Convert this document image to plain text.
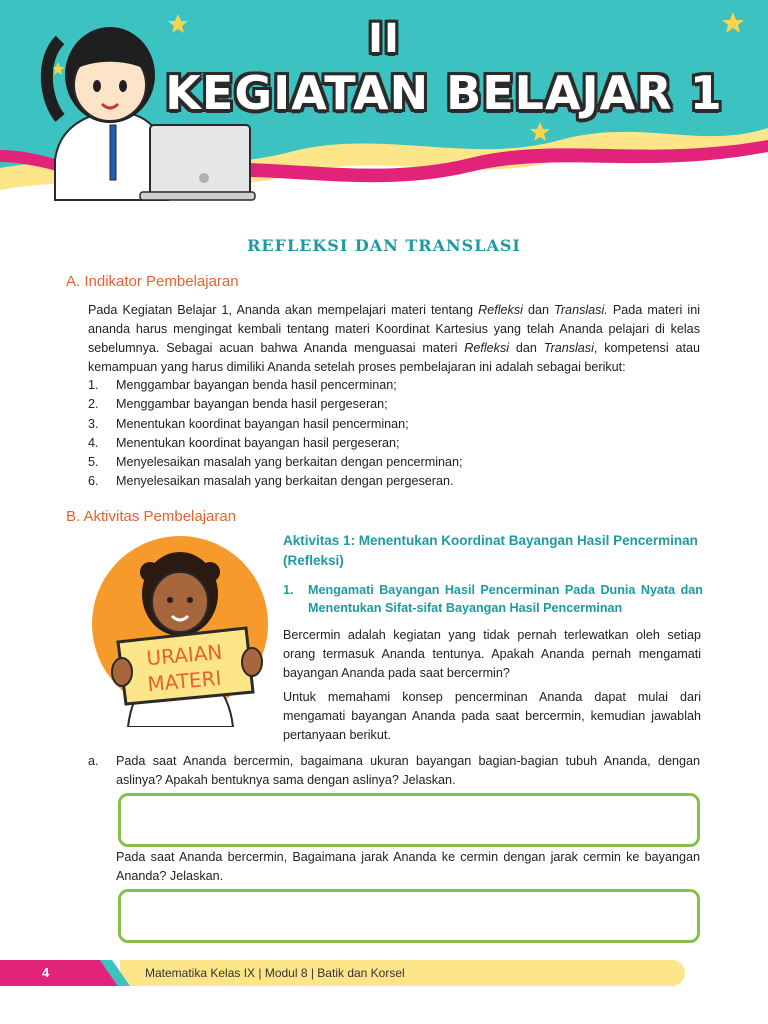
II
KEGIATAN BELAJAR 1
REFLEKSI DAN TRANSLASI
A. Indikator Pembelajaran
Pada Kegiatan Belajar 1, Ananda akan mempelajari materi tentang Refleksi dan Translasi. Pada materi ini ananda harus mengingat kembali tentang materi Koordinat Kartesius yang telah Ananda pelajari di kelas sebelumnya. Sebagai acuan bahwa Ananda menguasai materi Refleksi dan Translasi, kompetensi atau kemampuan yang harus dimiliki Ananda setelah proses pembelajaran ini adalah sebagai berikut:
1.	Menggambar bayangan benda hasil pencerminan;
2.	Menggambar bayangan benda hasil pergeseran;
3.	Menentukan koordinat bayangan hasil pencerminan;
4.	Menentukan koordinat bayangan hasil pergeseran;
5.	Menyelesaikan masalah yang berkaitan dengan pencerminan;
6.	Menyelesaikan masalah yang berkaitan dengan pergeseran.
B. Aktivitas Pembelajaran
URAIAN
MATERI
Aktivitas 1: Menentukan Koordinat Bayangan Hasil Pencerminan (Refleksi)
1.	Mengamati Bayangan Hasil Pencerminan Pada Dunia Nyata dan Menentukan Sifat-sifat Bayangan Hasil Pencerminan
Bercermin adalah kegiatan yang tidak pernah terlewatkan oleh setiap orang termasuk Ananda tentunya. Apakah Ananda pernah mengamati bayangan Ananda pada saat bercermin?
Untuk memahami konsep pencerminan Ananda dapat mulai dari mengamati bayangan Ananda pada saat bercermin, kemudian jawablah pertanyaan berikut.
a.	Pada saat Ananda bercermin, bagaimana ukuran bayangan bagian-bagian tubuh Ananda, dengan aslinya? Apakah bentuknya sama dengan aslinya? Jelaskan.
Pada saat Ananda bercermin, Bagaimana jarak Ananda ke cermin dengan jarak cermin ke bayangan Ananda? Jelaskan.
4	Matematika Kelas IX | Modul 8 | Batik dan Korsel
